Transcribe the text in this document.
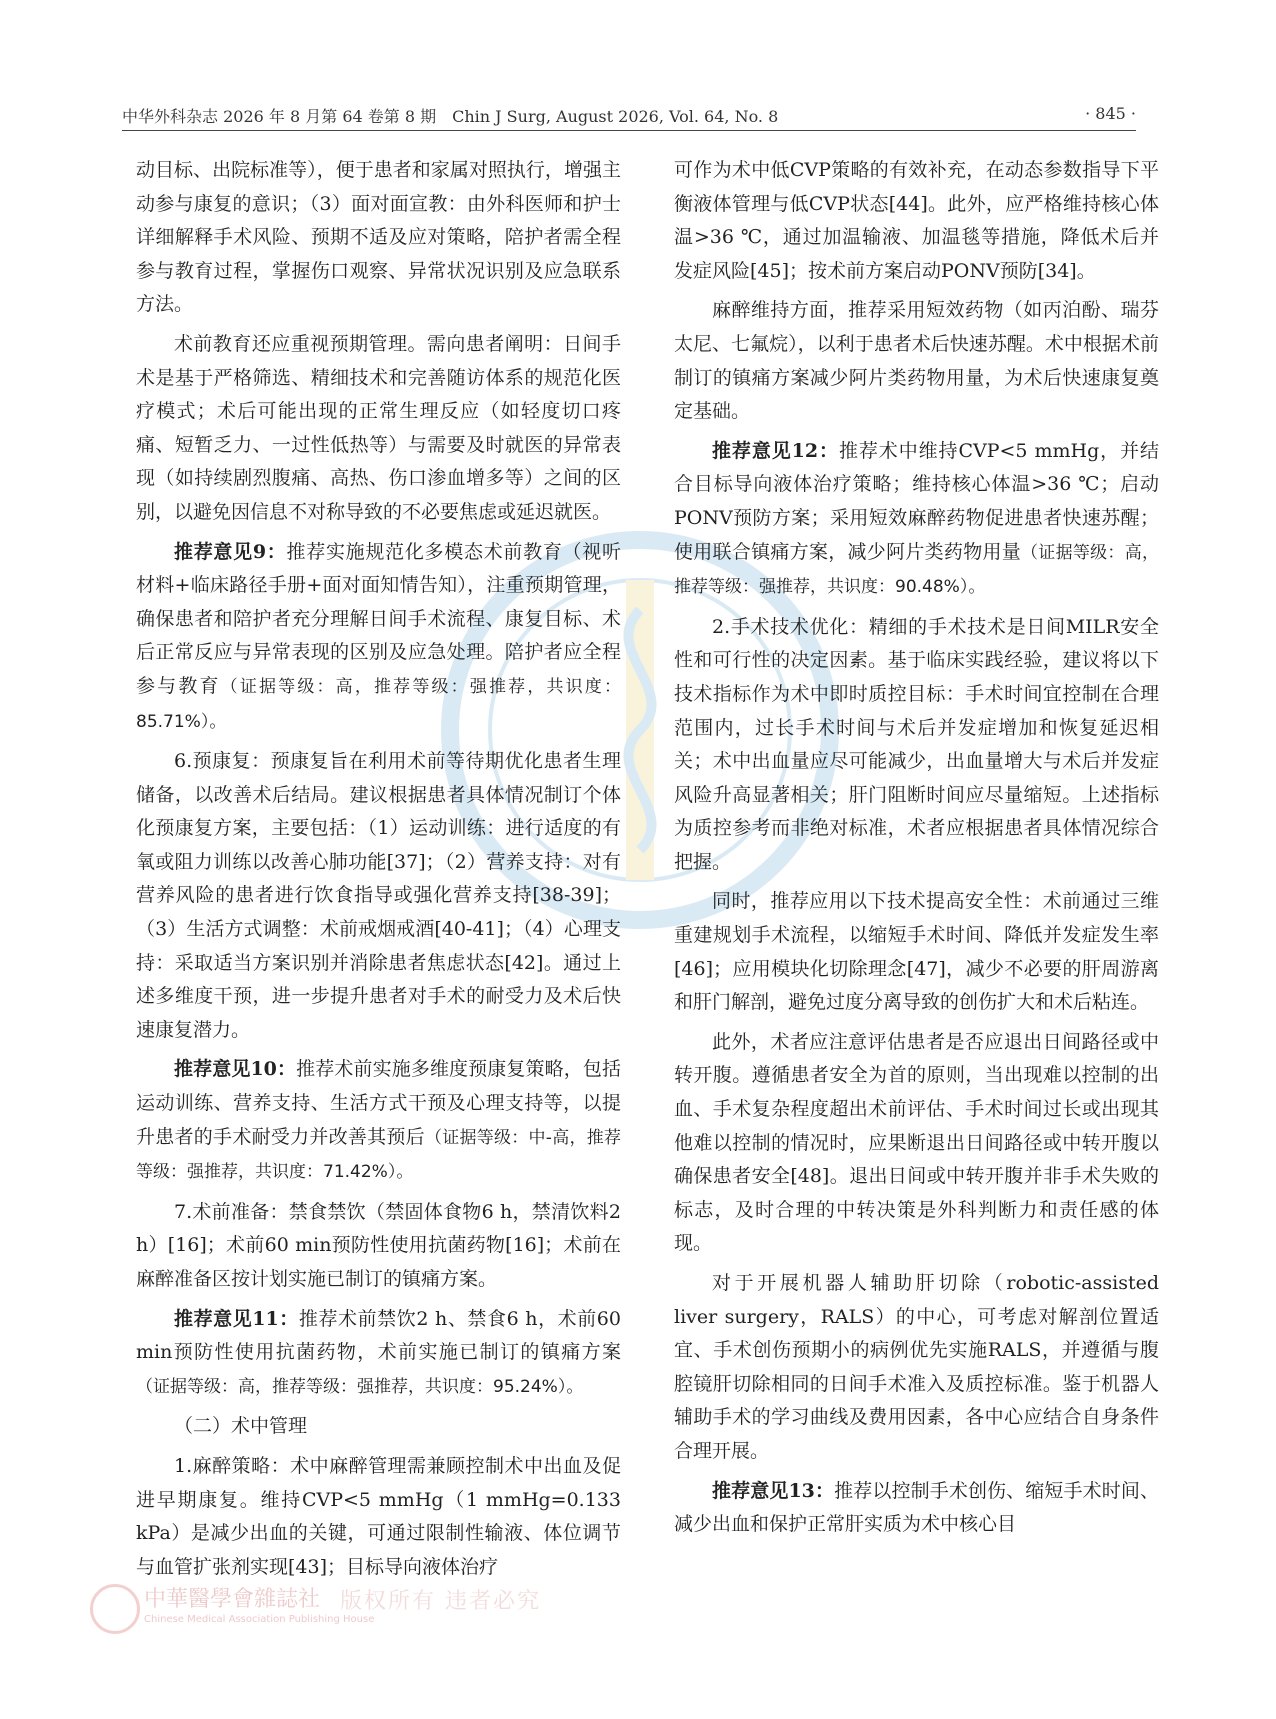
中华外科杂志 2026 年 8 月第 64 卷第 8 期　Chin J Surg, August 2026, Vol. 64, No. 8	· 845 ·

动目标、出院标准等），便于患者和家属对照执行，增强主动参与康复的意识；（3）面对面宣教：由外科医师和护士详细解释手术风险、预期不适及应对策略，陪护者需全程参与教育过程，掌握伤口观察、异常状况识别及应急联系方法。

术前教育还应重视预期管理。需向患者阐明：日间手术是基于严格筛选、精细技术和完善随访体系的规范化医疗模式；术后可能出现的正常生理反应（如轻度切口疼痛、短暂乏力、一过性低热等）与需要及时就医的异常表现（如持续剧烈腹痛、高热、伤口渗血增多等）之间的区别，以避免因信息不对称导致的不必要焦虑或延迟就医。

推荐意见9：推荐实施规范化多模态术前教育（视听材料+临床路径手册+面对面知情告知），注重预期管理，确保患者和陪护者充分理解日间手术流程、康复目标、术后正常反应与异常表现的区别及应急处理。陪护者应全程参与教育（证据等级：高，推荐等级：强推荐，共识度：85.71%）。

6.预康复：预康复旨在利用术前等待期优化患者生理储备，以改善术后结局。建议根据患者具体情况制订个体化预康复方案，主要包括：（1）运动训练：进行适度的有氧或阻力训练以改善心肺功能[37]；（2）营养支持：对有营养风险的患者进行饮食指导或强化营养支持[38-39]；（3）生活方式调整：术前戒烟戒酒[40-41]；（4）心理支持：采取适当方案识别并消除患者焦虑状态[42]。通过上述多维度干预，进一步提升患者对手术的耐受力及术后快速康复潜力。

推荐意见10：推荐术前实施多维度预康复策略，包括运动训练、营养支持、生活方式干预及心理支持等，以提升患者的手术耐受力并改善其预后（证据等级：中-高，推荐等级：强推荐，共识度：71.42%）。

7.术前准备：禁食禁饮（禁固体食物6 h，禁清饮料2 h）[16]；术前60 min预防性使用抗菌药物[16]；术前在麻醉准备区按计划实施已制订的镇痛方案。

推荐意见11：推荐术前禁饮2 h、禁食6 h，术前60 min预防性使用抗菌药物，术前实施已制订的镇痛方案（证据等级：高，推荐等级：强推荐，共识度：95.24%）。

（二）术中管理

1.麻醉策略：术中麻醉管理需兼顾控制术中出血及促进早期康复。维持CVP<5 mmHg（1 mmHg=0.133 kPa）是减少出血的关键，可通过限制性输液、体位调节与血管扩张剂实现[43]；目标导向液体治疗

可作为术中低CVP策略的有效补充，在动态参数指导下平衡液体管理与低CVP状态[44]。此外，应严格维持核心体温>36 ℃，通过加温输液、加温毯等措施，降低术后并发症风险[45]；按术前方案启动PONV预防[34]。

麻醉维持方面，推荐采用短效药物（如丙泊酚、瑞芬太尼、七氟烷），以利于患者术后快速苏醒。术中根据术前制订的镇痛方案减少阿片类药物用量，为术后快速康复奠定基础。

推荐意见12：推荐术中维持CVP<5 mmHg，并结合目标导向液体治疗策略；维持核心体温>36 ℃；启动PONV预防方案；采用短效麻醉药物促进患者快速苏醒；使用联合镇痛方案，减少阿片类药物用量（证据等级：高，推荐等级：强推荐，共识度：90.48%）。

2.手术技术优化：精细的手术技术是日间MILR安全性和可行性的决定因素。基于临床实践经验，建议将以下技术指标作为术中即时质控目标：手术时间宜控制在合理范围内，过长手术时间与术后并发症增加和恢复延迟相关；术中出血量应尽可能减少，出血量增大与术后并发症风险升高显著相关；肝门阻断时间应尽量缩短。上述指标为质控参考而非绝对标准，术者应根据患者具体情况综合把握。

同时，推荐应用以下技术提高安全性：术前通过三维重建规划手术流程，以缩短手术时间、降低并发症发生率[46]；应用模块化切除理念[47]，减少不必要的肝周游离和肝门解剖，避免过度分离导致的创伤扩大和术后粘连。

此外，术者应注意评估患者是否应退出日间路径或中转开腹。遵循患者安全为首的原则，当出现难以控制的出血、手术复杂程度超出术前评估、手术时间过长或出现其他难以控制的情况时，应果断退出日间路径或中转开腹以确保患者安全[48]。退出日间或中转开腹并非手术失败的标志，及时合理的中转决策是外科判断力和责任感的体现。

对于开展机器人辅助肝切除（robotic-assisted liver surgery，RALS）的中心，可考虑对解剖位置适宜、手术创伤预期小的病例优先实施RALS，并遵循与腹腔镜肝切除相同的日间手术准入及质控标准。鉴于机器人辅助手术的学习曲线及费用因素，各中心应结合自身条件合理开展。

推荐意见13：推荐以控制手术创伤、缩短手术时间、减少出血和保护正常肝实质为术中核心目

中華醫學會雜誌社
Chinese Medical Association Publishing House
版权所有 违者必究
